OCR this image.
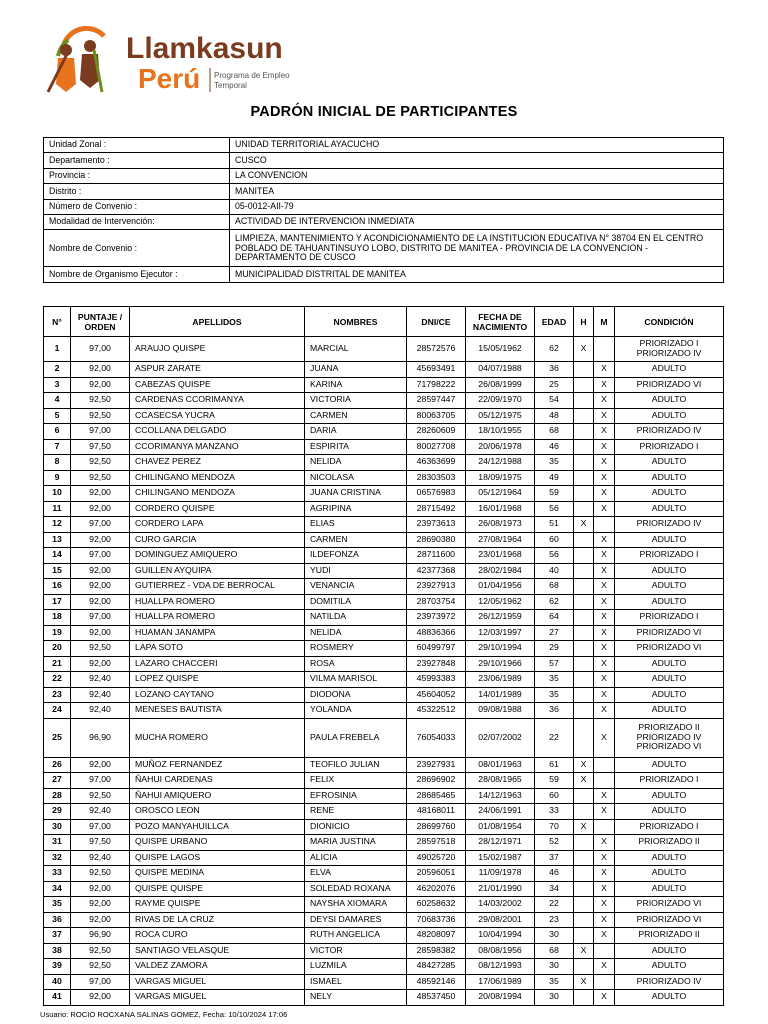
Llamkasun
Perú Programa de Empleo
Temporal
PADRÓN INICIAL DE PARTICIPANTES
Unidad Zonal :	UNIDAD TERRITORIAL AYACUCHO
Departamento :	CUSCO
Provincia :	LA CONVENCION
Distrito :	MANITEA
Número de Convenio :	05-0012-AII-79
Modalidad de Intervención:	ACTIVIDAD DE INTERVENCION INMEDIATA
Nombre de Convenio :	LIMPIEZA, MANTENIMIENTO Y ACONDICIONAMIENTO DE LA INSTITUCION EDUCATIVA N° 38704 EN EL CENTRO POBLADO DE TAHUANTINSUYO LOBO, DISTRITO DE MANITEA - PROVINCIA DE LA CONVENCION - DEPARTAMENTO DE CUSCO
Nombre de Organismo Ejecutor :	MUNICIPALIDAD DISTRITAL DE MANITEA
N°	PUNTAJE / ORDEN	APELLIDOS	NOMBRES	DNI/CE	FECHA DE NACIMIENTO	EDAD	H	M	CONDICIÓN
1	97,00	ARAUJO QUISPE	MARCIAL	28572576	15/05/1962	62	X		PRIORIZADO I
PRIORIZADO IV

2	92,00	ASPUR ZARATE	JUANA	45693491	04/07/1988	36		X	ADULTO

3	92,00	CABEZAS QUISPE	KARINA	71798222	26/08/1999	25		X	PRIORIZADO VI

4	92,50	CARDENAS CCORIMANYA	VICTORIA	28597447	22/09/1970	54		X	ADULTO

5	92,50	CCASECSA YUCRA	CARMEN	80063705	05/12/1975	48		X	ADULTO

6	97,00	CCOLLANA DELGADO	DARIA	28260609	18/10/1955	68		X	PRIORIZADO IV

7	97,50	CCORIMANYA MANZANO	ESPIRITA	80027708	20/06/1978	46		X	PRIORIZADO I

8	92,50	CHAVEZ PEREZ	NELIDA	46363699	24/12/1988	35		X	ADULTO

9	92,50	CHILINGANO MENDOZA	NICOLASA	28303503	18/09/1975	49		X	ADULTO

10	92,00	CHILINGANO MENDOZA	JUANA CRISTINA	06576983	05/12/1964	59		X	ADULTO

11	92,00	CORDERO QUISPE	AGRIPINA	28715492	16/01/1968	56		X	ADULTO

12	97,00	CORDERO LAPA	ELIAS	23973613	26/08/1973	51	X		PRIORIZADO IV

13	92,00	CURO GARCIA	CARMEN	28690380	27/08/1964	60		X	ADULTO

14	97,00	DOMINGUEZ AMIQUERO	ILDEFONZA	28711600	23/01/1968	56		X	PRIORIZADO I

15	92,00	GUILLEN AYQUIPA	YUDI	42377368	28/02/1984	40		X	ADULTO

16	92,00	GUTIERREZ - VDA DE BERROCAL	VENANCIA	23927913	01/04/1956	68		X	ADULTO

17	92,00	HUALLPA ROMERO	DOMITILA	28703754	12/05/1962	62		X	ADULTO

18	97,00	HUALLPA ROMERO	NATILDA	23973972	26/12/1959	64		X	PRIORIZADO I

19	92,00	HUAMAN JANAMPA	NELIDA	48836366	12/03/1997	27		X	PRIORIZADO VI

20	92,50	LAPA SOTO	ROSMERY	60499797	29/10/1994	29		X	PRIORIZADO VI

21	92,00	LAZARO CHACCERI	ROSA	23927848	29/10/1966	57		X	ADULTO

22	92,40	LOPEZ QUISPE	VILMA MARISOL	45993383	23/06/1989	35		X	ADULTO

23	92,40	LOZANO CAYTANO	DIODONA	45604052	14/01/1989	35		X	ADULTO

24	92,40	MENESES BAUTISTA	YOLANDA	45322512	09/08/1988	36		X	ADULTO

25	96,90	MUCHA ROMERO	PAULA FREBELA	76054033	02/07/2002	22		X	PRIORIZADO II
PRIORIZADO IV
PRIORIZADO VI

26	92,00	MUÑOZ FERNANDEZ	TEOFILO JULIAN	23927931	08/01/1963	61	X		ADULTO

27	97,00	ÑAHUI CARDENAS	FELIX	28696902	28/08/1965	59	X		PRIORIZADO I

28	92,50	ÑAHUI AMIQUERO	EFROSINIA	28685465	14/12/1963	60		X	ADULTO

29	92,40	OROSCO LEON	RENE	48168011	24/06/1991	33		X	ADULTO

30	97,00	POZO MANYAHUILLCA	DIONICIO	28699760	01/08/1954	70	X		PRIORIZADO I

31	97,50	QUISPE URBANO	MARIA JUSTINA	28597518	28/12/1971	52		X	PRIORIZADO II

32	92,40	QUISPE LAGOS	ALICIA	49025720	15/02/1987	37		X	ADULTO

33	92,50	QUISPE MEDINA	ELVA	20596051	11/09/1978	46		X	ADULTO

34	92,00	QUISPE QUISPE	SOLEDAD ROXANA	46202076	21/01/1990	34		X	ADULTO

35	92,00	RAYME QUISPE	NAYSHA XIOMARA	60258632	14/03/2002	22		X	PRIORIZADO VI

36	92,00	RIVAS DE LA CRUZ	DEYSI DAMARES	70683736	29/08/2001	23		X	PRIORIZADO VI

37	96,90	ROCA CURO	RUTH ANGELICA	48208097	10/04/1994	30		X	PRIORIZADO II

38	92,50	SANTIAGO VELASQUE	VICTOR	28598382	08/08/1956	68	X		ADULTO

39	92,50	VALDEZ ZAMORA	LUZMILA	48427285	08/12/1993	30		X	ADULTO

40	97,00	VARGAS MIGUEL	ISMAEL	48592146	17/06/1989	35	X		PRIORIZADO IV

41	92,00	VARGAS MIGUEL	NELY	48537450	20/08/1994	30		X	ADULTO
Usuario: ROCIO ROCXANA SALINAS GOMEZ, Fecha: 10/10/2024 17:06
